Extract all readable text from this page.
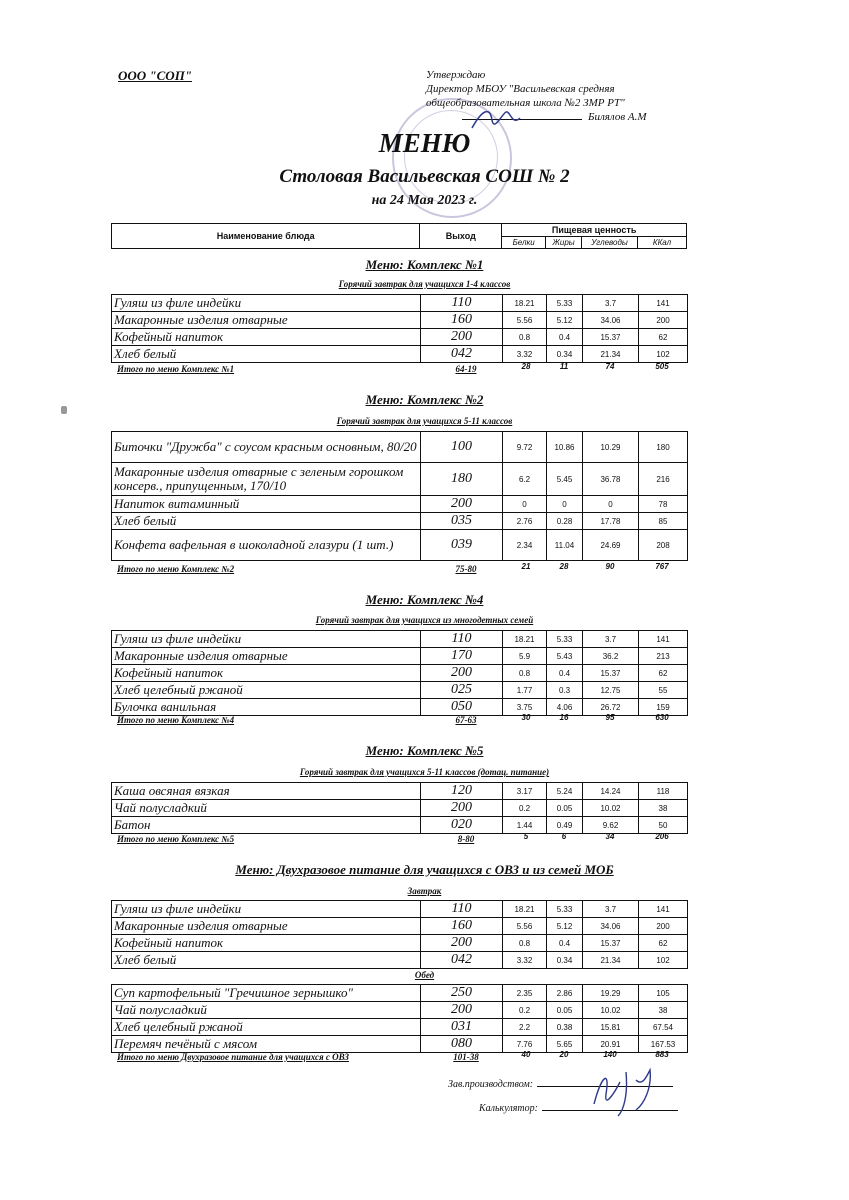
ООО "СОП"	Утверждаю
Директор МБОУ "Васильевская средняя
общеобразовательная школа №2 ЗМР РТ"
Билялов А.М
МЕНЮ
Столовая Васильевская СОШ № 2
на 24 Мая 2023 г.
Наименование блюда	Выход	Пищевая ценность			
		Белки	Жиры	Углеводы	ККал
Меню: Комплекс №1
Горячий завтрак для учащихся 1-4 классов
Гуляш из филе индейки	110	18.21	5.33	3.7	141
Макаронные изделия отварные	160	5.56	5.12	34.06	200
Кофейный напиток	200	0.8	0.4	15.37	62
Хлеб белый	042	3.32	0.34	21.34	102
Итого по меню Комплекс №1	64-19	28	11	74	505
Меню: Комплекс №2
Горячий завтрак для учащихся 5-11 классов
Биточки "Дружба" с соусом красным основным, 80/20	100	9.72	10.86	10.29	180
Макаронные изделия отварные с зеленым горошком консерв., припущенным, 170/10	180	6.2	5.45	36.78	216
Напиток витаминный	200	0	0	0	78
Хлеб белый	035	2.76	0.28	17.78	85
Конфета вафельная в шоколадной глазури (1 шт.)	039	2.34	11.04	24.69	208
Итого по меню Комплекс №2	75-80	21	28	90	767
Меню: Комплекс №4
Горячий завтрак для учащихся из многодетных семей
Гуляш из филе индейки	110	18.21	5.33	3.7	141
Макаронные изделия отварные	170	5.9	5.43	36.2	213
Кофейный напиток	200	0.8	0.4	15.37	62
Хлеб целебный ржаной	025	1.77	0.3	12.75	55
Булочка ванильная	050	3.75	4.06	26.72	159
Итого по меню Комплекс №4	67-63	30	16	95	630
Меню: Комплекс №5
Горячий завтрак для учащихся 5-11 классов (дотац. питание)
Каша овсяная вязкая	120	3.17	5.24	14.24	118
Чай полусладкий	200	0.2	0.05	10.02	38
Батон	020	1.44	0.49	9.62	50
Итого по меню Комплекс №5	8-80	5	6	34	206
Меню: Двухразовое питание для учащихся с ОВЗ и из семей МОБ
Завтрак
Гуляш из филе индейки	110	18.21	5.33	3.7	141
Макаронные изделия отварные	160	5.56	5.12	34.06	200
Кофейный напиток	200	0.8	0.4	15.37	62
Хлеб белый	042	3.32	0.34	21.34	102
Обед
Суп картофельный "Гречишное зернышко"	250	2.35	2.86	19.29	105
Чай полусладкий	200	0.2	0.05	10.02	38
Хлеб целебный ржаной	031	2.2	0.38	15.81	67.54
Перемяч печёный с мясом	080	7.76	5.65	20.91	167.53
Итого по меню Двухразовое питание для учащихся с ОВЗ	101-38	40	20	140	883
Зав.производством:
Калькулятор:
